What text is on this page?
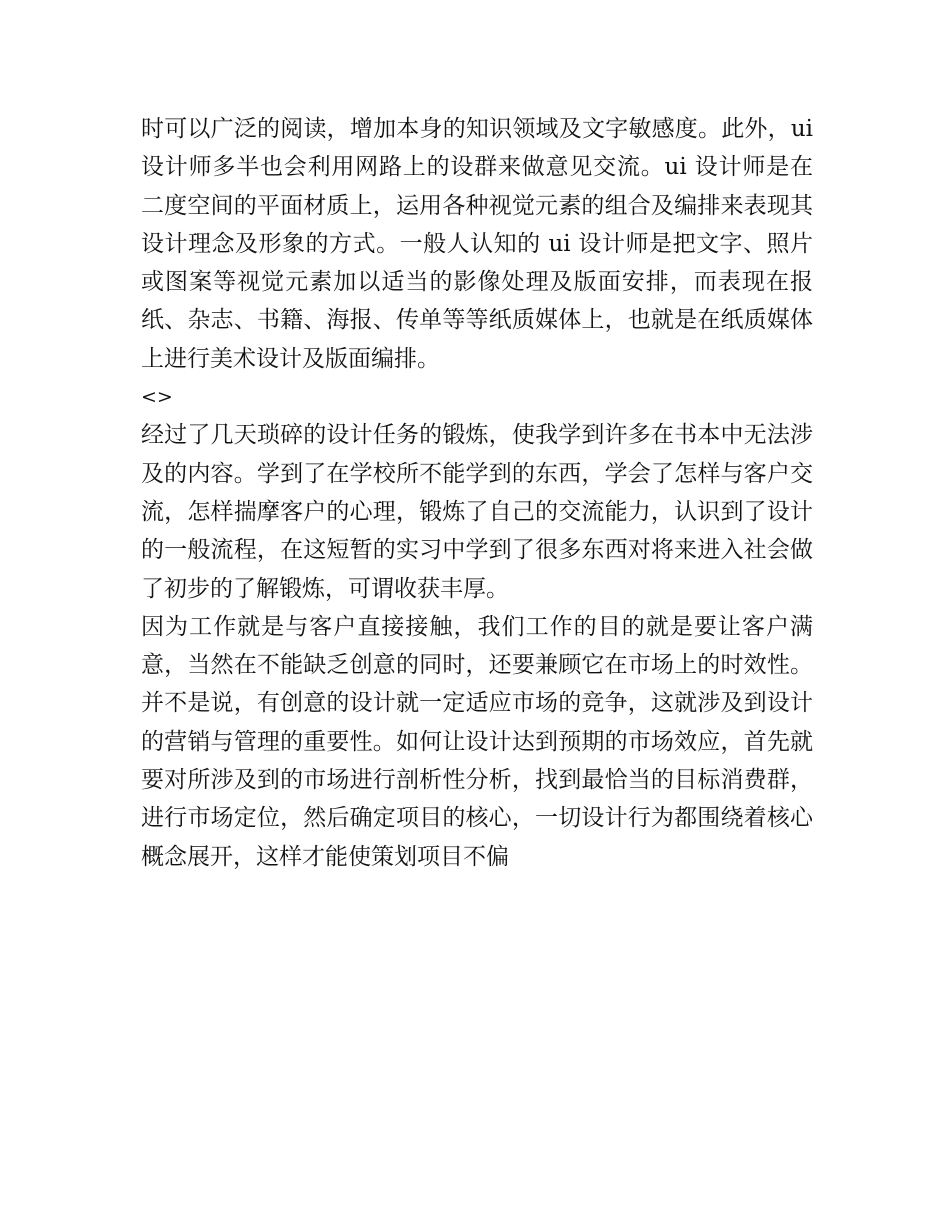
时可以广泛的阅读，增加本身的知识领域及文字敏感度。此外，ui 设计师多半也会利用网路上的设群来做意见交流。ui 设计师是在二度空间的平面材质上，运用各种视觉元素的组合及编排来表现其设计理念及形象的方式。一般人认知的 ui 设计师是把文字、照片或图案等视觉元素加以适当的影像处理及版面安排，而表现在报纸、杂志、书籍、海报、传单等等纸质媒体上，也就是在纸质媒体上进行美术设计及版面编排。

<>

经过了几天琐碎的设计任务的锻炼，使我学到许多在书本中无法涉及的内容。学到了在学校所不能学到的东西，学会了怎样与客户交流，怎样揣摩客户的心理，锻炼了自己的交流能力，认识到了设计的一般流程，在这短暂的实习中学到了很多东西对将来进入社会做了初步的了解锻炼，可谓收获丰厚。

因为工作就是与客户直接接触，我们工作的目的就是要让客户满意，当然在不能缺乏创意的同时，还要兼顾它在市场上的时效性。并不是说，有创意的设计就一定适应市场的竞争，这就涉及到设计的营销与管理的重要性。如何让设计达到预期的市场效应，首先就要对所涉及到的市场进行剖析性分析，找到最恰当的目标消费群，进行市场定位，然后确定项目的核心，一切设计行为都围绕着核心概念展开，这样才能使策划项目不偏
